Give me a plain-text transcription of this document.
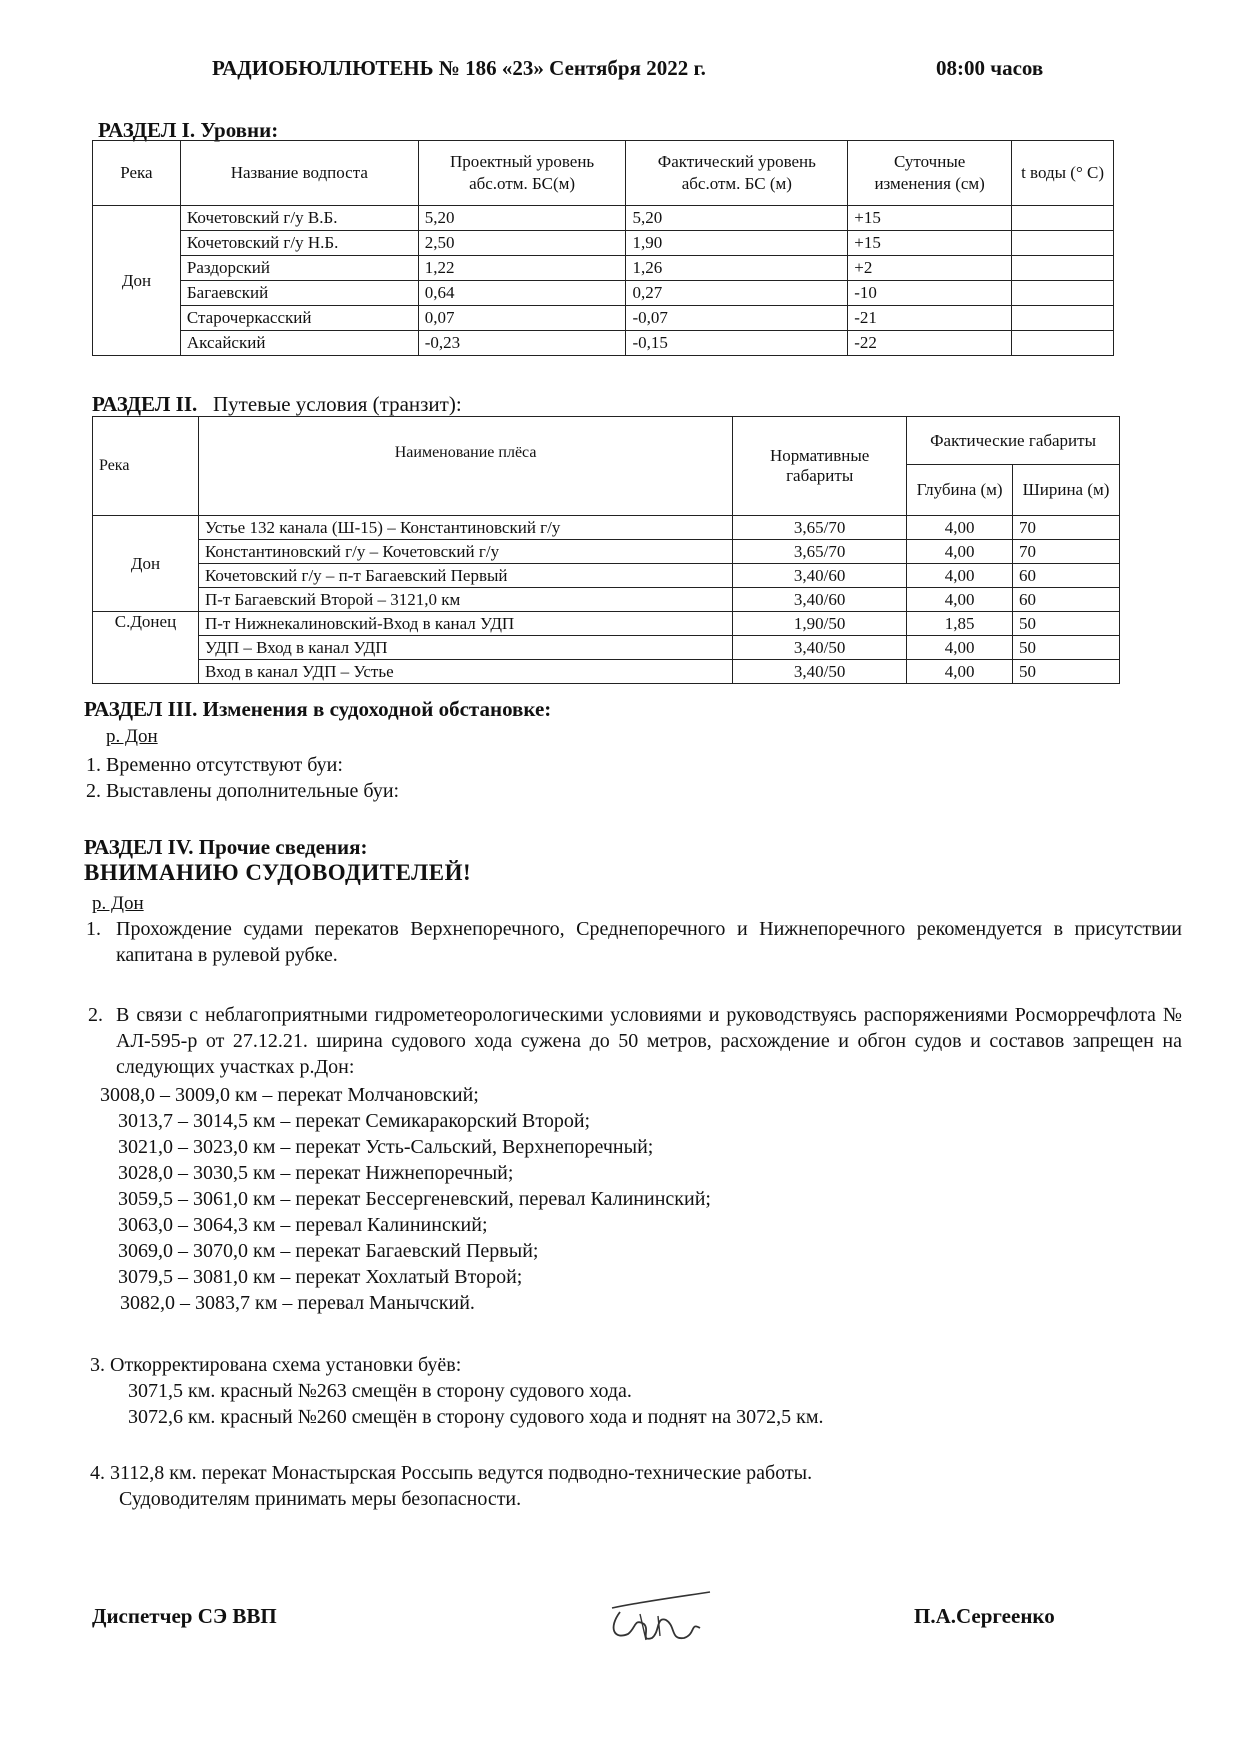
РАДИОБЮЛЛЮТЕНЬ № 186 «23» Сентября 2022 г.	08:00 часов
РАЗДЕЛ I. Уровни:
Река	Название водпоста	Проектный уровень абс.отм. БС(м)	Фактический уровень абс.отм. БС (м)	Суточные изменения (см)	t воды (° С)
Дон	Кочетовский г/у В.Б.	5,20	5,20	+15	
	Кочетовский г/у Н.Б.	2,50	1,90	+15	
	Раздорский	1,22	1,26	+2	
	Багаевский	0,64	0,27	-10	
	Старочеркасский	0,07	-0,07	-21	
	Аксайский	-0,23	-0,15	-22	
РАЗДЕЛ II. Путевые условия (транзит):
Река	Наименование плёса	Нормативные габариты	Фактические габариты	
			Глубина (м)	Ширина (м)
Дон	Устье 132 канала (Ш-15) – Константиновский г/у	3,65/70	4,00	70
	Константиновский г/у – Кочетовский г/у	3,65/70	4,00	70
	Кочетовский г/у – п-т Багаевский Первый	3,40/60	4,00	60
	П-т Багаевский Второй – 3121,0 км	3,40/60	4,00	60
С.Донец	П-т Нижнекалиновский-Вход в канал УДП	1,90/50	1,85	50
	УДП – Вход в канал УДП	3,40/50	4,00	50
	Вход в канал УДП – Устье	3,40/50	4,00	50
РАЗДЕЛ III. Изменения в судоходной обстановке:
р. Дон
1. Временно отсутствуют буи:
2. Выставлены дополнительные буи:
РАЗДЕЛ IV. Прочие сведения:
ВНИМАНИЮ СУДОВОДИТЕЛЕЙ!
р. Дон
1. Прохождение судами перекатов Верхнепоречного, Среднепоречного и Нижнепоречного рекомендуется в присутствии капитана в рулевой рубке.
2. В связи с неблагоприятными гидрометеорологическими условиями и руководствуясь распоряжениями Росморречфлота № АЛ-595-р от 27.12.21. ширина судового хода сужена до 50 метров, расхождение и обгон судов и составов запрещен на следующих участках р.Дон:
3008,0 – 3009,0 км – перекат Молчановский;
3013,7 – 3014,5 км – перекат Семикаракорский Второй;
3021,0 – 3023,0 км – перекат Усть-Сальский, Верхнепоречный;
3028,0 – 3030,5 км – перекат Нижнепоречный;
3059,5 – 3061,0 км – перекат Бессергеневский, перевал Калининский;
3063,0 – 3064,3 км – перевал Калининский;
3069,0 – 3070,0 км – перекат Багаевский Первый;
3079,5 – 3081,0 км – перекат Хохлатый Второй;
3082,0 – 3083,7 км – перевал Манычский.
3. Откорректирована схема установки буёв:
3071,5 км. красный №263 смещён в сторону судового хода.
3072,6 км. красный №260 смещён в сторону судового хода и поднят на 3072,5 км.
4. 3112,8 км. перекат Монастырская Россыпь ведутся подводно-технические работы.
Судоводителям принимать меры безопасности.
Диспетчер СЭ ВВП	П.А.Сергеенко
